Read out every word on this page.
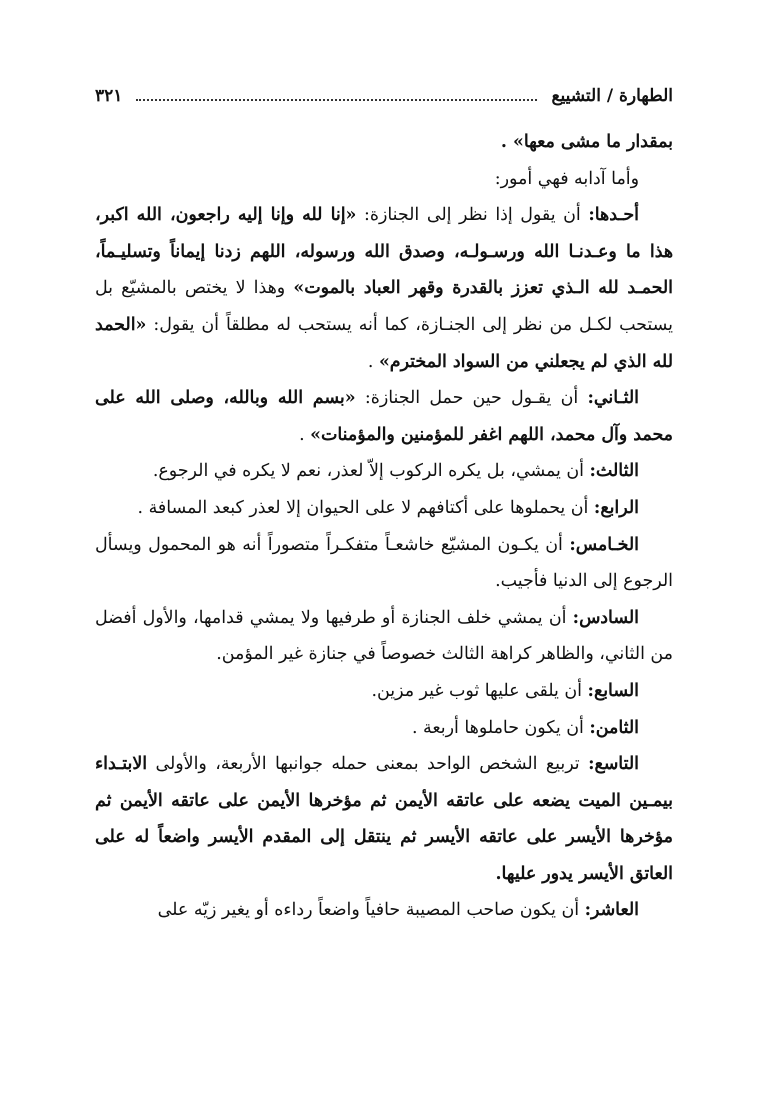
الطهارة / التشييع
٣٢١

بمقدار ما مشى معها» .

وأما آدابه فهي أمور:

أحـدها: أن يقول إذا نظر إلى الجنازة: «إنا لله وإنا إليه راجعون، الله اكبر، هذا ما وعـدنـا الله ورسـولـه، وصدق الله ورسوله، اللهم زدنا إيماناً وتسليـماً، الحمـد لله الـذي تعزز بالقدرة وقهر العباد بالموت» وهذا لا يختص بالمشيّع بل يستحب لكـل من نظر إلى الجنـازة، كما أنه يستحب له مطلقاً أن يقول: «الحمد لله الذي لم يجعلني من السواد المخترم» .

الثـاني: أن يقـول حين حمل الجنازة: «بسم الله وبالله، وصلى الله على محمد وآل محمد، اللهم اغفر للمؤمنين والمؤمنات» .

الثالث: أن يمشي، بل يكره الركوب إلاّ لعذر، نعم لا يكره في الرجوع.

الرابع: أن يحملوها على أكتافهم لا على الحيوان إلا لعذر كبعد المسافة .

الخـامس: أن يكـون المشيّع خاشعـاً متفكـراً متصوراً أنه هو المحمول ويسأل الرجوع إلى الدنيا فأجيب.

السادس: أن يمشي خلف الجنازة أو طرفيها ولا يمشي قدامها، والأول أفضل من الثاني، والظاهر كراهة الثالث خصوصاً في جنازة غير المؤمن.

السابع: أن يلقى عليها ثوب غير مزين.

الثامن: أن يكون حاملوها أربعة .

التاسع: تربيع الشخص الواحد بمعنى حمله جوانبها الأربعة، والأولى الابتـداء بيمـين الميت يضعه على عاتقه الأيمن ثم مؤخرها الأيمن على عاتقه الأيمن ثم مؤخرها الأيسر على عاتقه الأيسر ثم ينتقل إلى المقدم الأيسر واضعاً له على العاتق الأيسر يدور عليها.

العاشر: أن يكون صاحب المصيبة حافياً واضعاً رداءه أو يغير زيّه على
